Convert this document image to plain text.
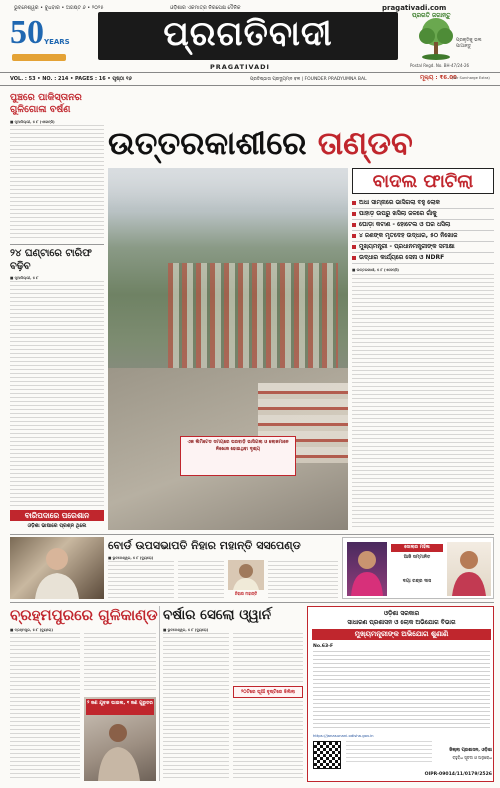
ଭୁବନେଶ୍ୱର • ବୁଧବାର • ଅଗଷ୍ଟ ୬ • ୨୦୨୫	ଓଡ଼ିଶାର ଏକମାତ୍ର ନିରପେକ୍ଷ ଦୈନିକ	pragativadi.com
50 YEARS	ପ୍ରଗତିବାଦୀ
PRAGATIVADI
ପ୍ରଗତି ଜଗାନ୍ତୁ
ପ୍ରକୃତିକୁ ଭଲ ପାଆନ୍ତୁ
VOL. : 53 • NO. : 214 • PAGES : 16 • ପୃଷ୍ଠା ୧୬	ପ୍ରତିଷ୍ଠାତା ପ୍ରଦ୍ୟୁମ୍ନ ବଳ | FOUNDER PRADYUMNA BAL
Postal Regd. No. BH-47/24-26
ମୂଲ୍ୟ : ₹6.00
(Air Surcharge Extra)
ପୁଞ୍ଚରେ ପାକିସ୍ତାନର ଗୁଳିଗୋଳା ବର୍ଷଣ
■ ନୂଆଦିଲ୍ଲୀ, ୫।୮ (ଏଜେନ୍ସି)
୨୪ ଘଣ୍ଟାରେ ଟାରିଫ ବଢ଼ିବ
■ ନୂଆଦିଲ୍ଲୀ, ୫।୮
ବାରିପଦାରେ ପରେଶାନ
ଓଡ଼ିଶା ଭାଷାରେ ପ୍ରଶ୍ନ ଥିଲେ
ଉତ୍ତରକାଶୀରେ ତାଣ୍ଡବ
ଏକ ଲିମିଟେଡ ସମୟରେ ଘରବାଡ଼ି ଭାସିଗଲା ଓ ଲୋକମାନେ ନିଖୋଜ ହୋଇଥିବା ଦୃଶ୍ୟ
ବାଦଲ ଫାଟିଲା
ଅଧା ସାମ୍ନାରେ ଭାସିଗଲା ବହୁ ଲୋକ
ପାହାଡ଼ ଉପରୁ ଖସିଲା ଜଳରେ ଗାଁକୁ
ଘୋଡ଼ା କଟାଣ - ହୋଟେଲ ଓ ଘର ଧସିଲା
୪ ଜଣଙ୍କ ମୃତଦେହ ଉଦ୍ଧାର, ୫୦ ନିଖୋଜ
ମୁଖ୍ୟମନ୍ତ୍ରୀ - ପ୍ରଧାନମନ୍ତ୍ରୀଙ୍କ ସମୀକ୍ଷା
ଉଦ୍ଧାର କାର୍ଯ୍ୟରେ ସେନା ଓ NDRF
■ ଉତ୍ତରକାଶୀ, ୫।୮ (ଏଜେନ୍ସି)
ବୋର୍ଡ ଉପସଭାପତି ନିହାର ମହାନ୍ତି ସସପେଣ୍ଡ
■ ଭୁବନେଶ୍ୱର, ୫।୮ (ବ୍ୟୁରୋ)
ନିହାର ମହାନ୍ତି
ସୋଲାର ମହିଳା
ଆଜି ସମ୍ମାନିତ
ଦୟା ଚନ୍ଦ୍ର ଦାସ
ବ୍ରହ୍ମପୁରରେ ଗୁଳିକାଣ୍ଡ
■ ବ୍ରହ୍ମପୁର, ୫।୮ (ବ୍ୟୁରୋ)
୨ ଜଣ ଯୁବକ ଘାଇଲ, ୧ ଜଣ ଗୁରୁତର
ବର୍ଷାର ସେଲୋ ଓ୍ୱାର୍ନ
■ ଭୁବନେଶ୍ୱର, ୫।୮ (ବ୍ୟୁରୋ)
୨୦ଟିରେ ଘୂଆଁ ବୃଷ୍ଟିରେ ଝିଲିଲା
ଓଡ଼ିଶା ସରକାର
ସାଧାରଣ ପ୍ରଶାସନ ଓ ଲୋକ ଅଭିଯୋଗ ବିଭାଗ
ମୁଖ୍ୟମନ୍ତ୍ରୀଙ୍କ ଅଭିଯୋଗ ଶୁଣାଣି
No.63-F
https://janasunani.odisha.gov.in
ଜିଲ୍ଲା ପ୍ରଶାସନ, ଓଡ଼ିଶା
ବହୁବିଧ ସୂଚନା ଓ ଅନୁରୋଧ
OIPR-09014/11/0179/2526
